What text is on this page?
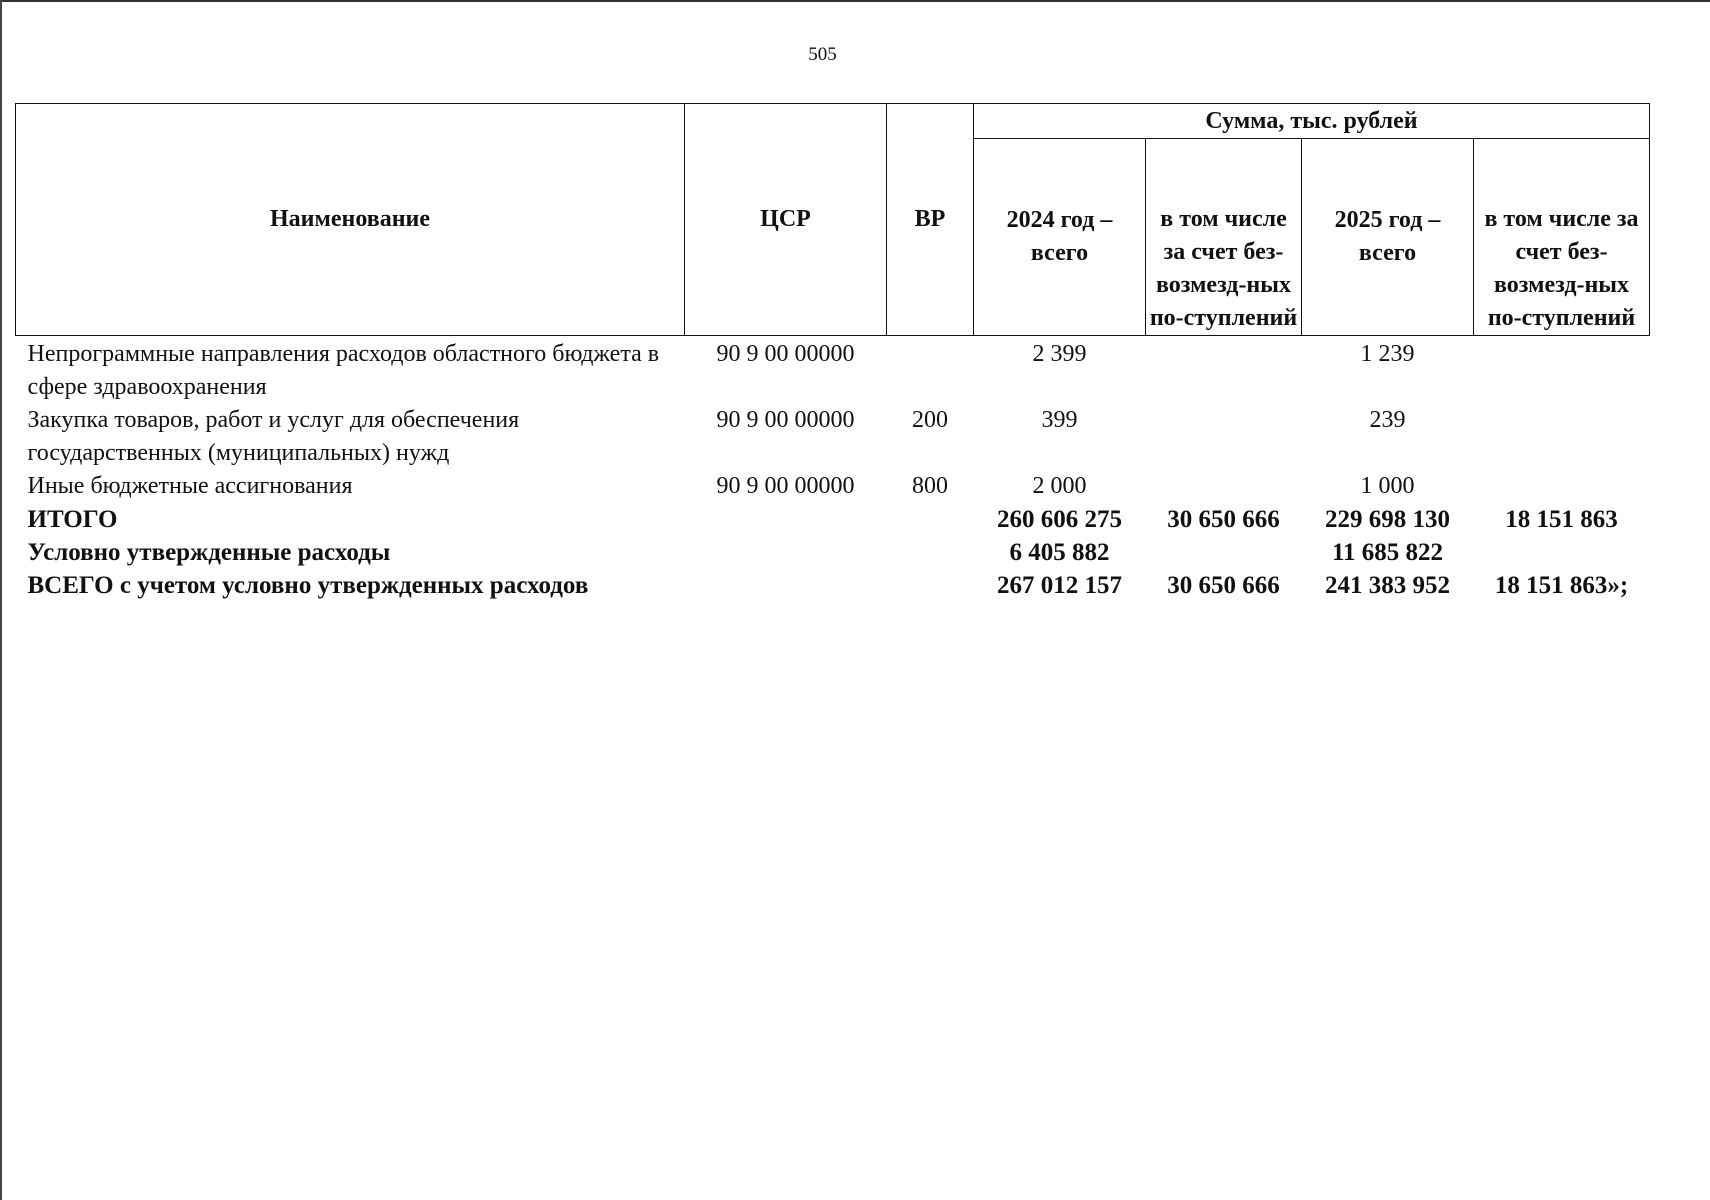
505
Наименование	ЦСР	ВР	Сумма, тыс. рублей			
			2024 год – всего	в том числе за счет без-возмезд-ных по-ступлений	2025 год – всего	в том числе за счет без-возмезд-ных по-ступлений
Непрограммные направления расходов областного бюджета в сфере здравоохранения	90 9 00 00000		2 399		1 239	
Закупка товаров, работ и услуг для обеспечения государственных (муниципальных) нужд	90 9 00 00000	200	399		239	
Иные бюджетные ассигнования	90 9 00 00000	800	2 000		1 000	
ИТОГО			260 606 275	30 650 666	229 698 130	18 151 863
Условно утвержденные расходы			6 405 882		11 685 822	
ВСЕГО с учетом условно утвержденных расходов			267 012 157	30 650 666	241 383 952	18 151 863»;
